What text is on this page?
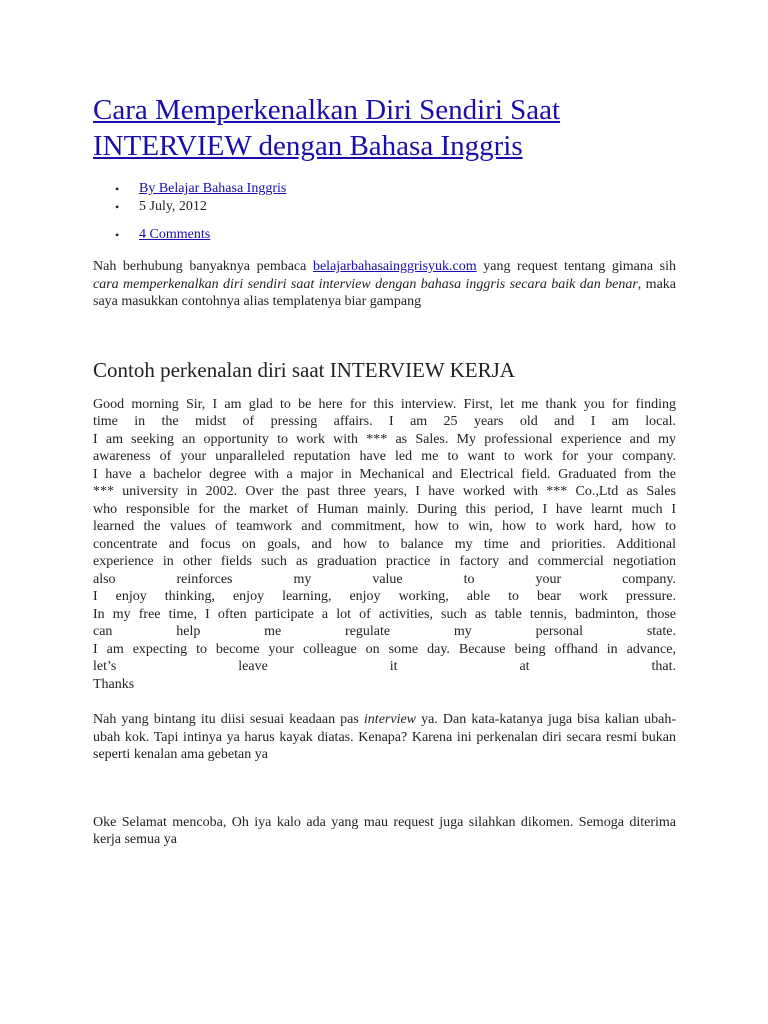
Cara Memperkenalkan Diri Sendiri Saat
INTERVIEW dengan Bahasa Inggris
• By Belajar Bahasa Inggris
• 5 July, 2012
• 4 Comments

Nah berhubung banyaknya pembaca belajarbahasainggrisyuk.com yang request tentang gimana sih cara memperkenalkan diri sendiri saat interview dengan bahasa inggris secara baik dan benar, maka saya masukkan contohnya alias templatenya biar gampang

Contoh perkenalan diri saat INTERVIEW KERJA

Good morning Sir, I am glad to be here for this interview. First, let me thank you for finding
time in the midst of pressing affairs. I am 25 years old and I am local.
I am seeking an opportunity to work with *** as Sales. My professional experience and my
awareness of your unparalleled reputation have led me to want to work for your company.
I have a bachelor degree with a major in Mechanical and Electrical field. Graduated from the
*** university in 2002. Over the past three years, I have worked with *** Co.,Ltd as Sales
who responsible for the market of Human mainly. During this period, I have learnt much I
learned the values of teamwork and commitment, how to win, how to work hard, how to
concentrate and focus on goals, and how to balance my time and priorities. Additional
experience in other fields such as graduation practice in factory and commercial negotiation
also reinforces my value to your company.
I enjoy thinking, enjoy learning, enjoy working, able to bear work pressure.
In my free time, I often participate a lot of activities, such as table tennis, badminton, those
can help me regulate my personal state.
I am expecting to become your colleague on some day. Because being offhand in advance,
let’s leave it at that.
Thanks

Nah yang bintang itu diisi sesuai keadaan pas interview ya. Dan kata-katanya juga bisa kalian ubah-ubah kok. Tapi intinya ya harus kayak diatas. Kenapa? Karena ini perkenalan diri secara resmi bukan seperti kenalan ama gebetan ya

Oke Selamat mencoba, Oh iya kalo ada yang mau request juga silahkan dikomen. Semoga diterima kerja semua ya
